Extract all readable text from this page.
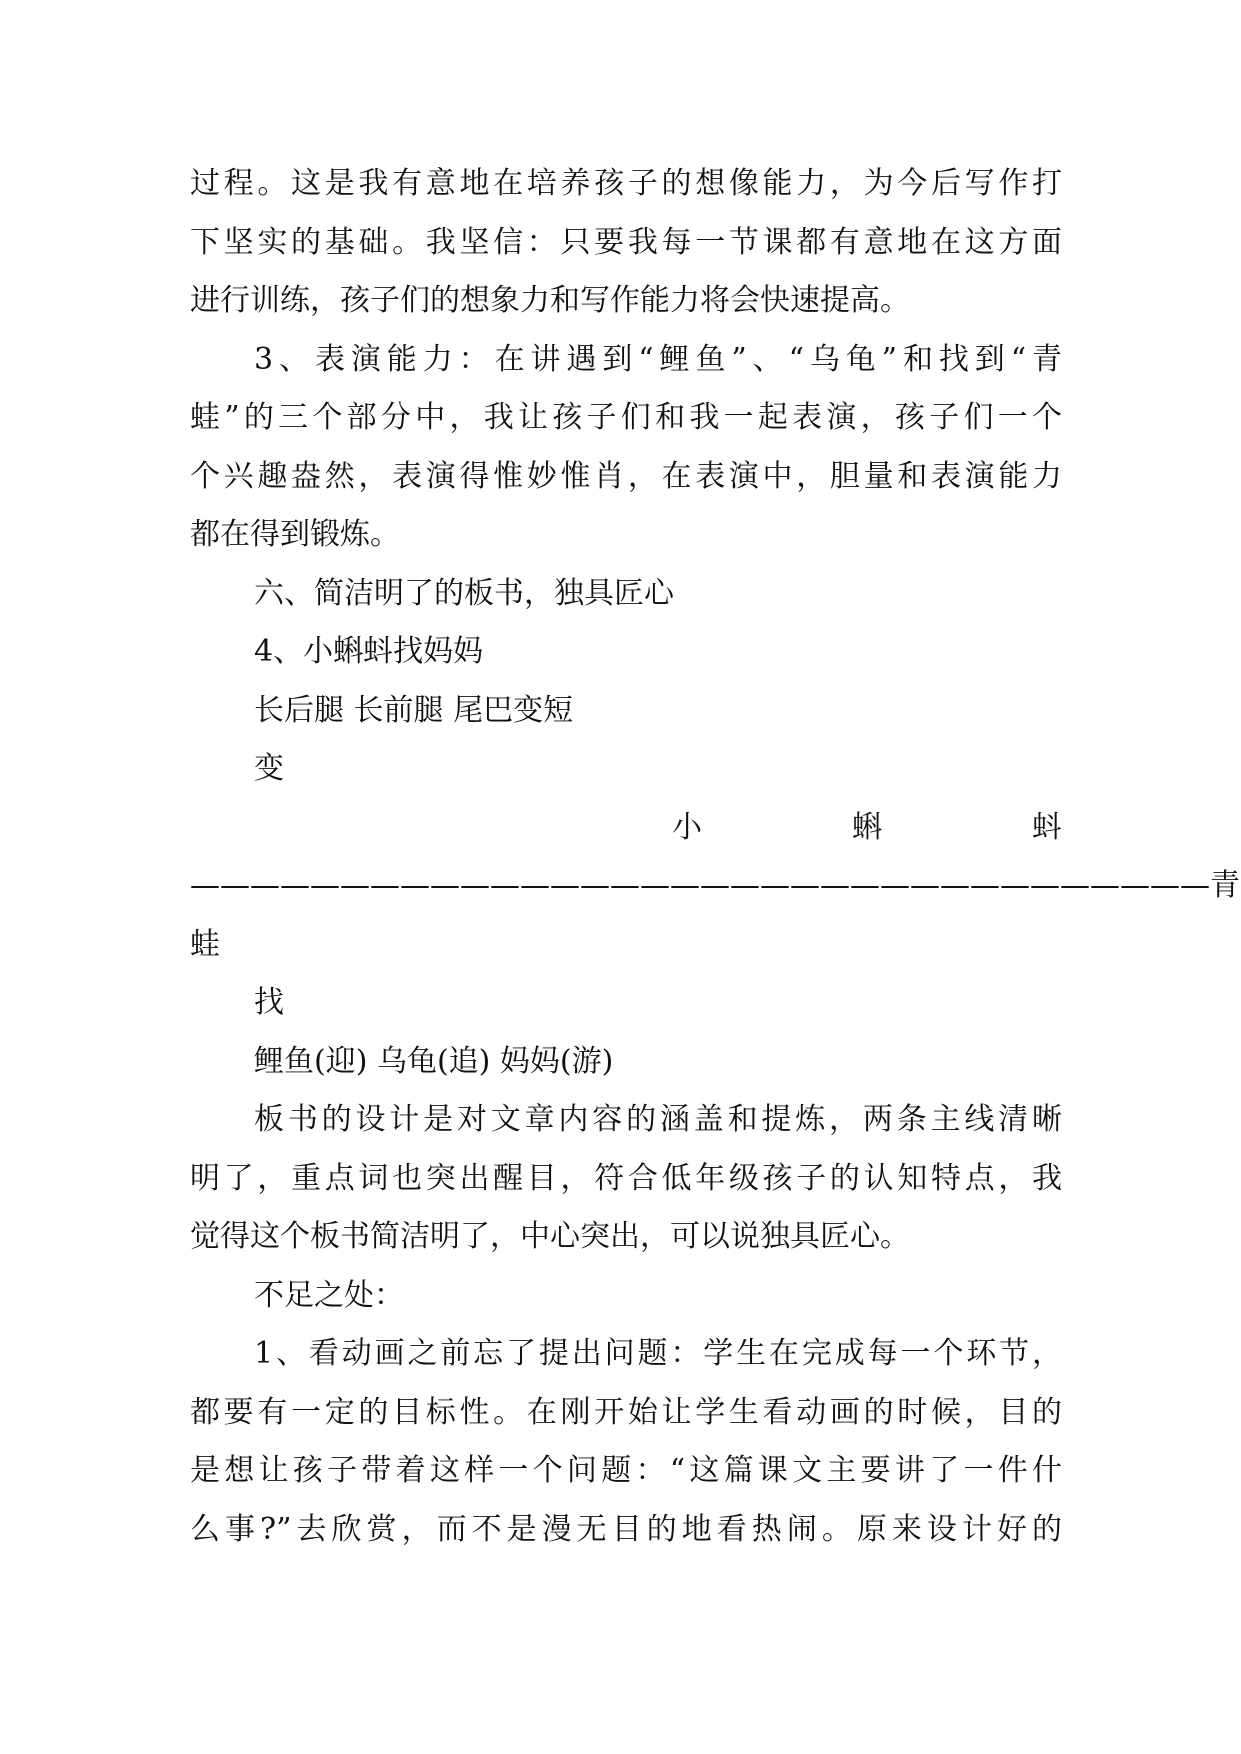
过程。这是我有意地在培养孩子的想像能力，为今后写作打
下坚实的基础。我坚信：只要我每一节课都有意地在这方面
进行训练，孩子们的想象力和写作能力将会快速提高。
3、表演能力：在讲遇到“鲤鱼”、“乌龟”和找到“青
蛙”的三个部分中，我让孩子们和我一起表演，孩子们一个
个兴趣盎然，表演得惟妙惟肖，在表演中，胆量和表演能力
都在得到锻炼。
六、简洁明了的板书，独具匠心
4、小蝌蚪找妈妈
长后腿 长前腿 尾巴变短
变
小　　　　　蝌　　　　　蚪
——————————————————————————————————青
蛙
找
鲤鱼(迎) 乌龟(追) 妈妈(游)
板书的设计是对文章内容的涵盖和提炼，两条主线清晰
明了，重点词也突出醒目，符合低年级孩子的认知特点，我
觉得这个板书简洁明了，中心突出，可以说独具匠心。
不足之处：
1、看动画之前忘了提出问题：学生在完成每一个环节，
都要有一定的目标性。在刚开始让学生看动画的时候，目的
是想让孩子带着这样一个问题：“这篇课文主要讲了一件什
么事?”去欣赏，而不是漫无目的地看热闹。原来设计好的
